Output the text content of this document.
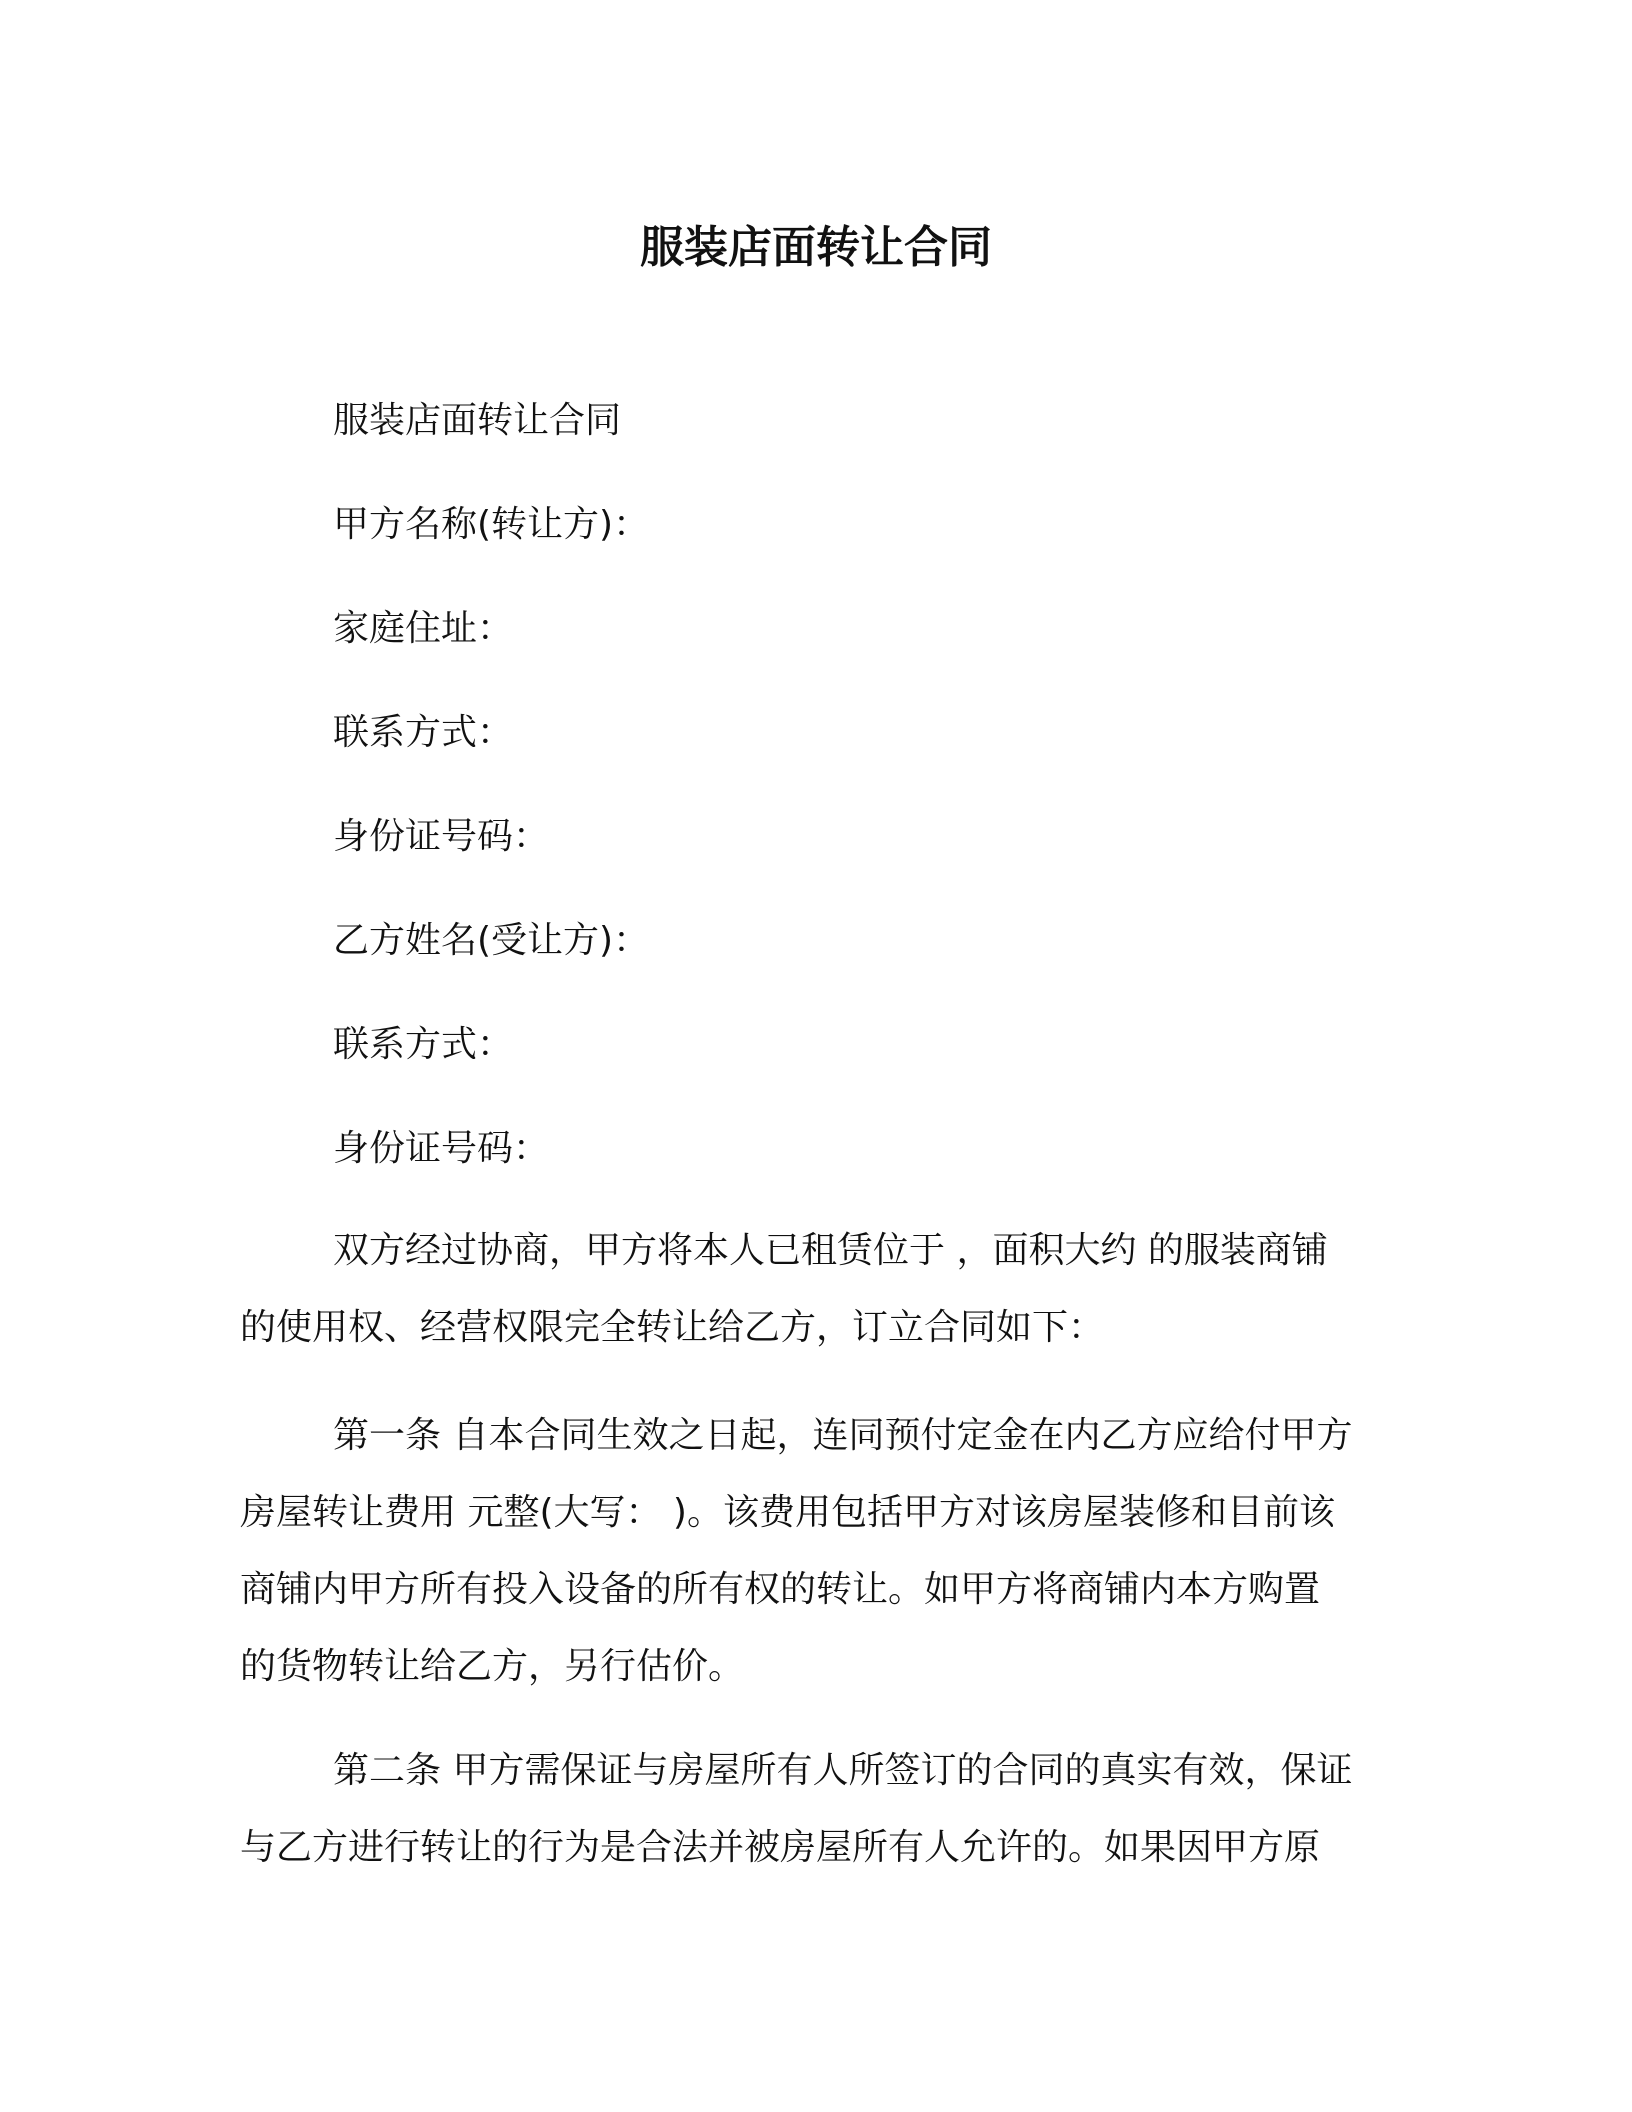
服装店面转让合同
服装店面转让合同
甲方名称(转让方)：
家庭住址：
联系方式：
身份证号码：
乙方姓名(受让方)：
联系方式：
身份证号码：
双方经过协商，甲方将本人已租赁位于 ，面积大约 的服装商铺
的使用权、经营权限完全转让给乙方，订立合同如下：
第一条 自本合同生效之日起，连同预付定金在内乙方应给付甲方
房屋转让费用 元整(大写： )。该费用包括甲方对该房屋装修和目前该
商铺内甲方所有投入设备的所有权的转让。如甲方将商铺内本方购置
的货物转让给乙方，另行估价。
第二条 甲方需保证与房屋所有人所签订的合同的真实有效，保证
与乙方进行转让的行为是合法并被房屋所有人允许的。如果因甲方原
